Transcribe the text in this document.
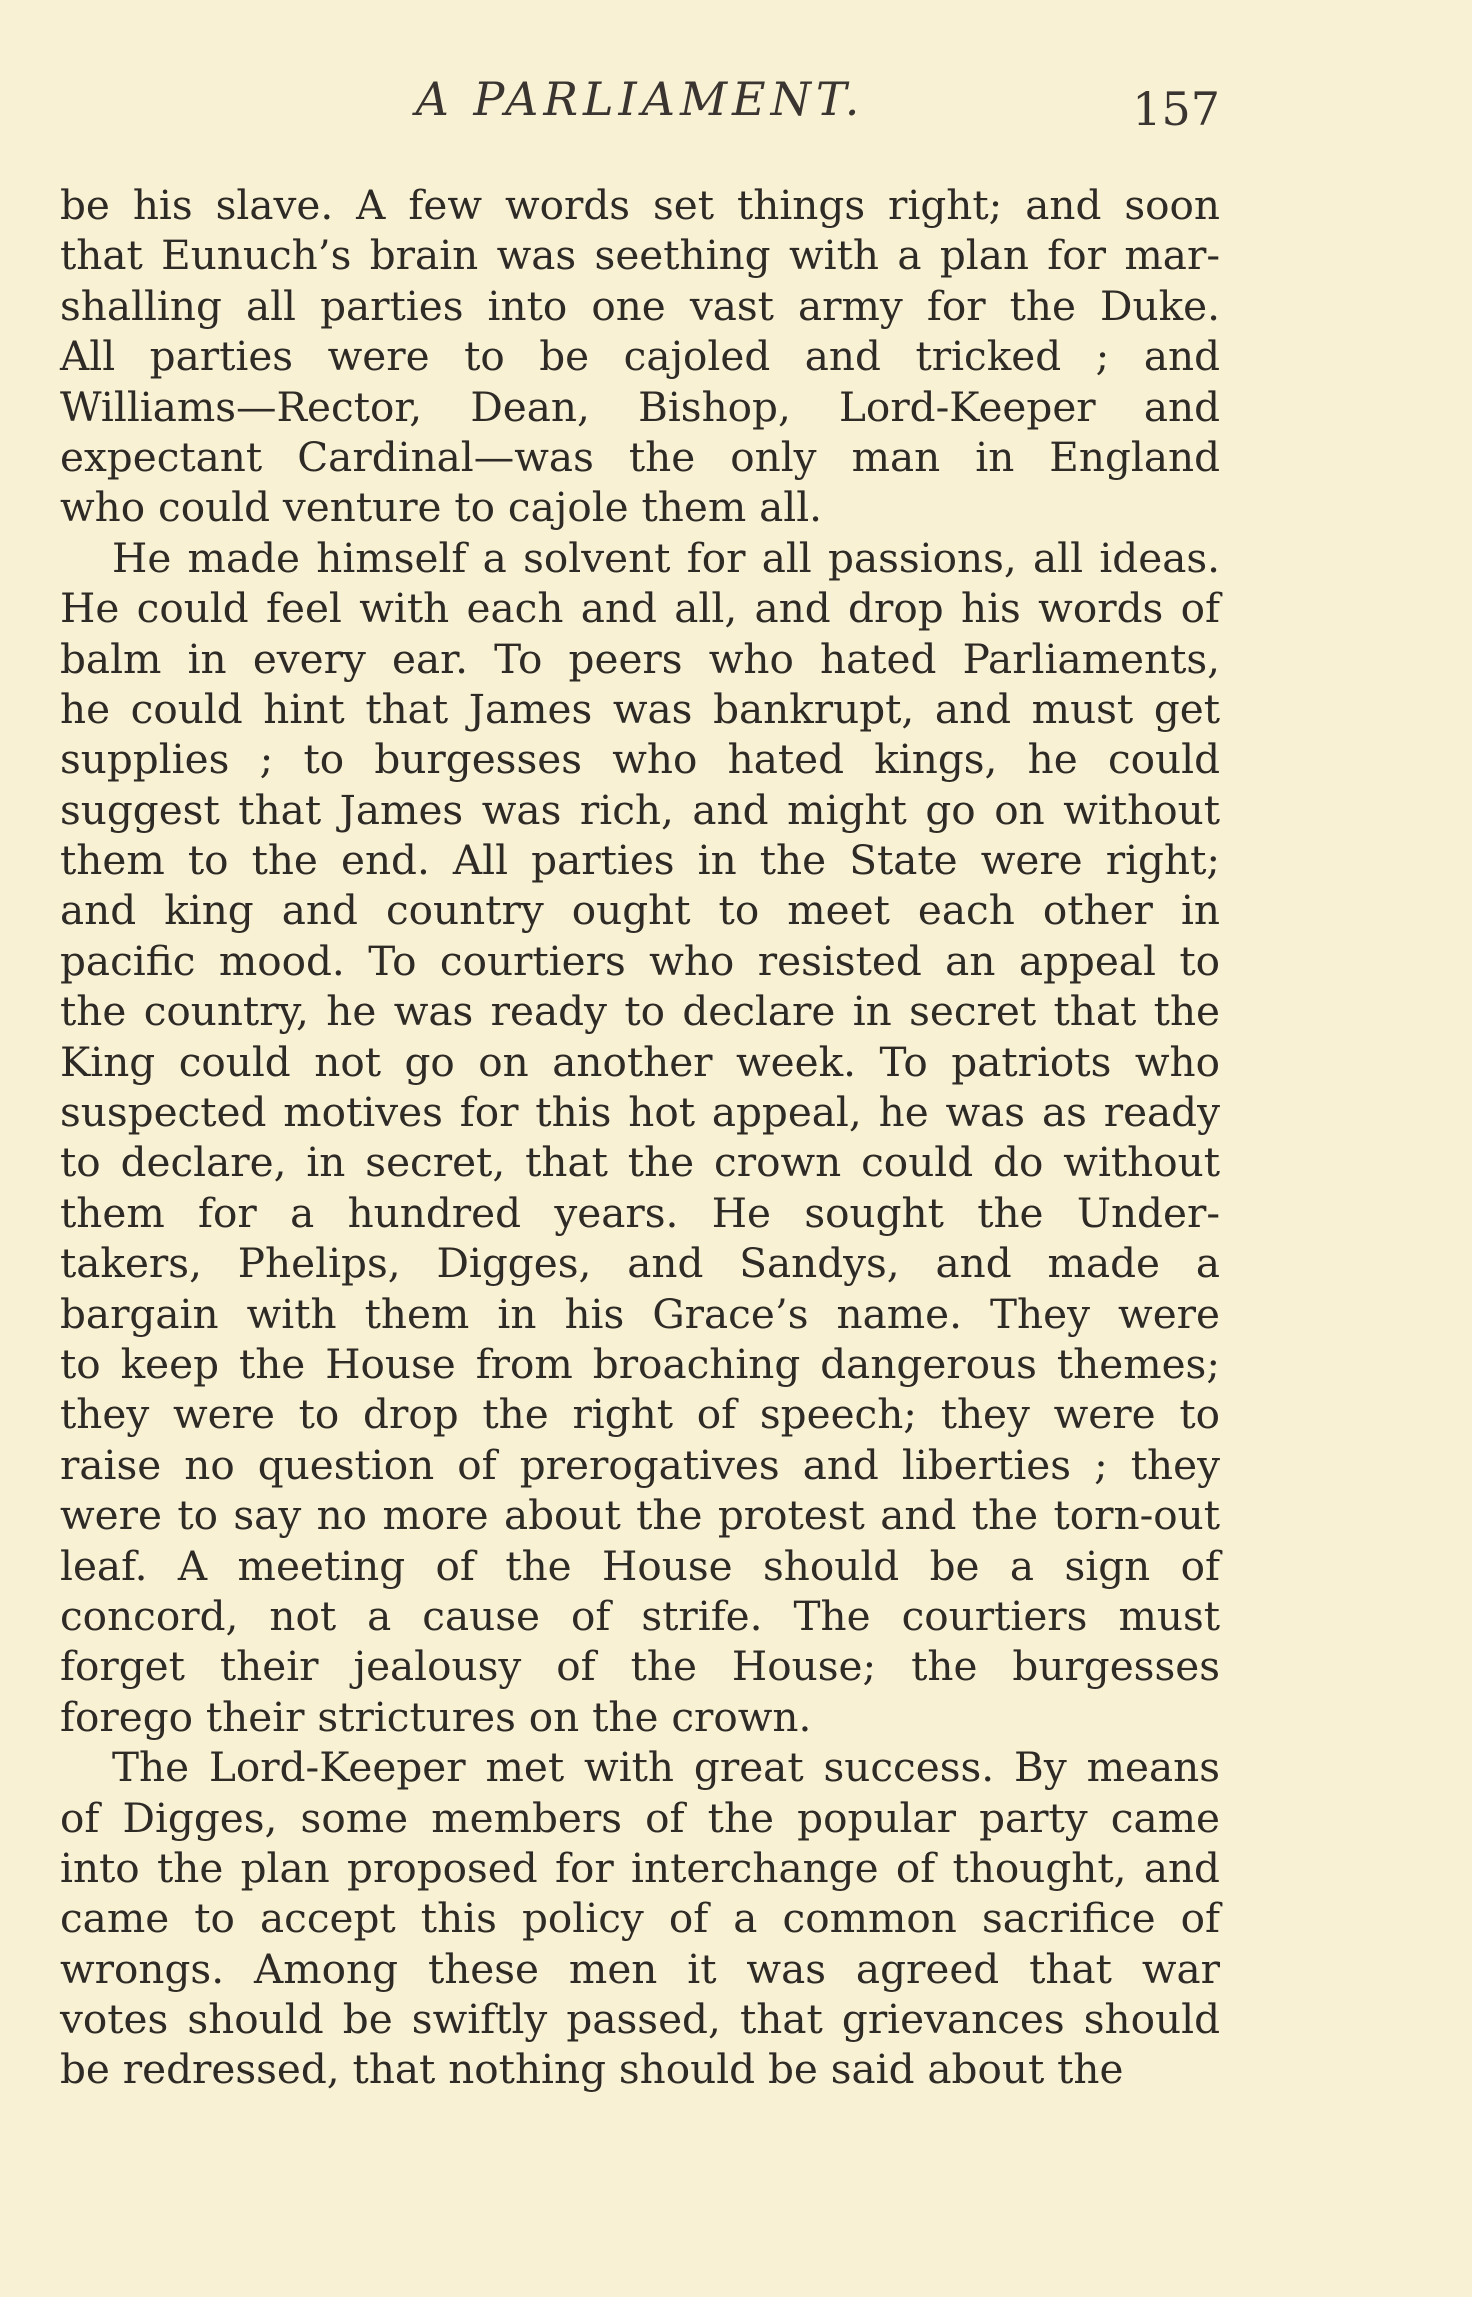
A PARLIAMENT.	157
be his slave. A few words set things right; and soon
that Eunuch’s brain was seething with a plan for mar-
shalling all parties into one vast army for the Duke.
All parties were to be cajoled and tricked ; and
Williams—Rector, Dean, Bishop, Lord-Keeper and
expectant Cardinal—was the only man in England
who could venture to cajole them all.
He made himself a solvent for all passions, all ideas.
He could feel with each and all, and drop his words of
balm in every ear. To peers who hated Parliaments,
he could hint that James was bankrupt, and must get
supplies ; to burgesses who hated kings, he could
suggest that James was rich, and might go on without
them to the end. All parties in the State were right;
and king and country ought to meet each other in
pacific mood. To courtiers who resisted an appeal to
the country, he was ready to declare in secret that the
King could not go on another week. To patriots who
suspected motives for this hot appeal, he was as ready
to declare, in secret, that the crown could do without
them for a hundred years. He sought the Under-
takers, Phelips, Digges, and Sandys, and made a
bargain with them in his Grace’s name. They were
to keep the House from broaching dangerous themes;
they were to drop the right of speech; they were to
raise no question of prerogatives and liberties ; they
were to say no more about the protest and the torn-out
leaf. A meeting of the House should be a sign of
concord, not a cause of strife. The courtiers must
forget their jealousy of the House; the burgesses
forego their strictures on the crown.
The Lord-Keeper met with great success. By means
of Digges, some members of the popular party came
into the plan proposed for interchange of thought, and
came to accept this policy of a common sacrifice of
wrongs. Among these men it was agreed that war
votes should be swiftly passed, that grievances should
be redressed, that nothing should be said about the
